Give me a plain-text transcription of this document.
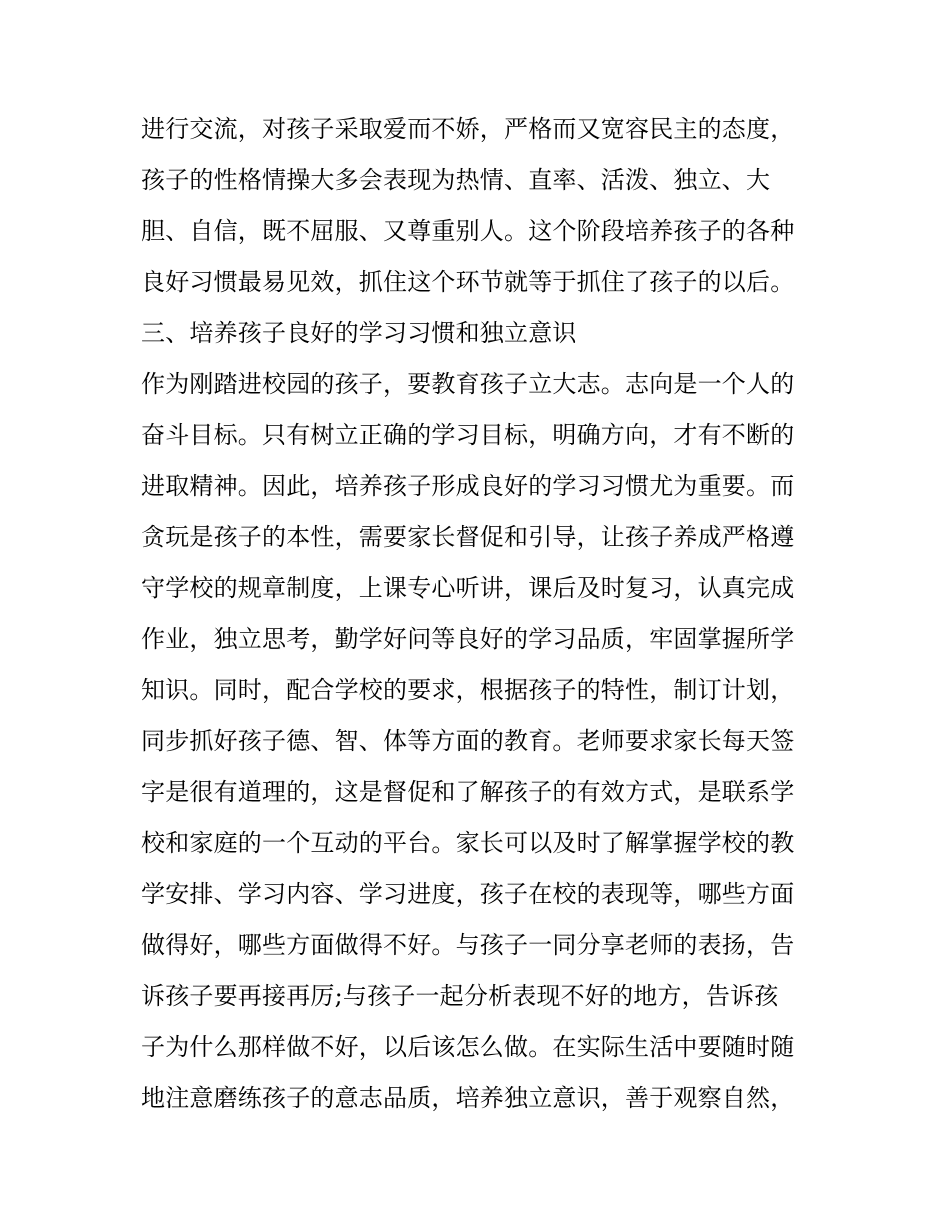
进行交流，对孩子采取爱而不娇，严格而又宽容民主的态度，
孩子的性格情操大多会表现为热情、直率、活泼、独立、大
胆、自信，既不屈服、又尊重别人。这个阶段培养孩子的各种
良好习惯最易见效，抓住这个环节就等于抓住了孩子的以后。
三、培养孩子良好的学习习惯和独立意识
作为刚踏进校园的孩子，要教育孩子立大志。志向是一个人的
奋斗目标。只有树立正确的学习目标，明确方向，才有不断的
进取精神。因此，培养孩子形成良好的学习习惯尤为重要。而
贪玩是孩子的本性，需要家长督促和引导，让孩子养成严格遵
守学校的规章制度，上课专心听讲，课后及时复习，认真完成
作业，独立思考，勤学好问等良好的学习品质，牢固掌握所学
知识。同时，配合学校的要求，根据孩子的特性，制订计划，
同步抓好孩子德、智、体等方面的教育。老师要求家长每天签
字是很有道理的，这是督促和了解孩子的有效方式，是联系学
校和家庭的一个互动的平台。家长可以及时了解掌握学校的教
学安排、学习内容、学习进度，孩子在校的表现等，哪些方面
做得好，哪些方面做得不好。与孩子一同分享老师的表扬，告
诉孩子要再接再厉;与孩子一起分析表现不好的地方，告诉孩
子为什么那样做不好，以后该怎么做。在实际生活中要随时随
地注意磨练孩子的意志品质，培养独立意识，善于观察自然，
